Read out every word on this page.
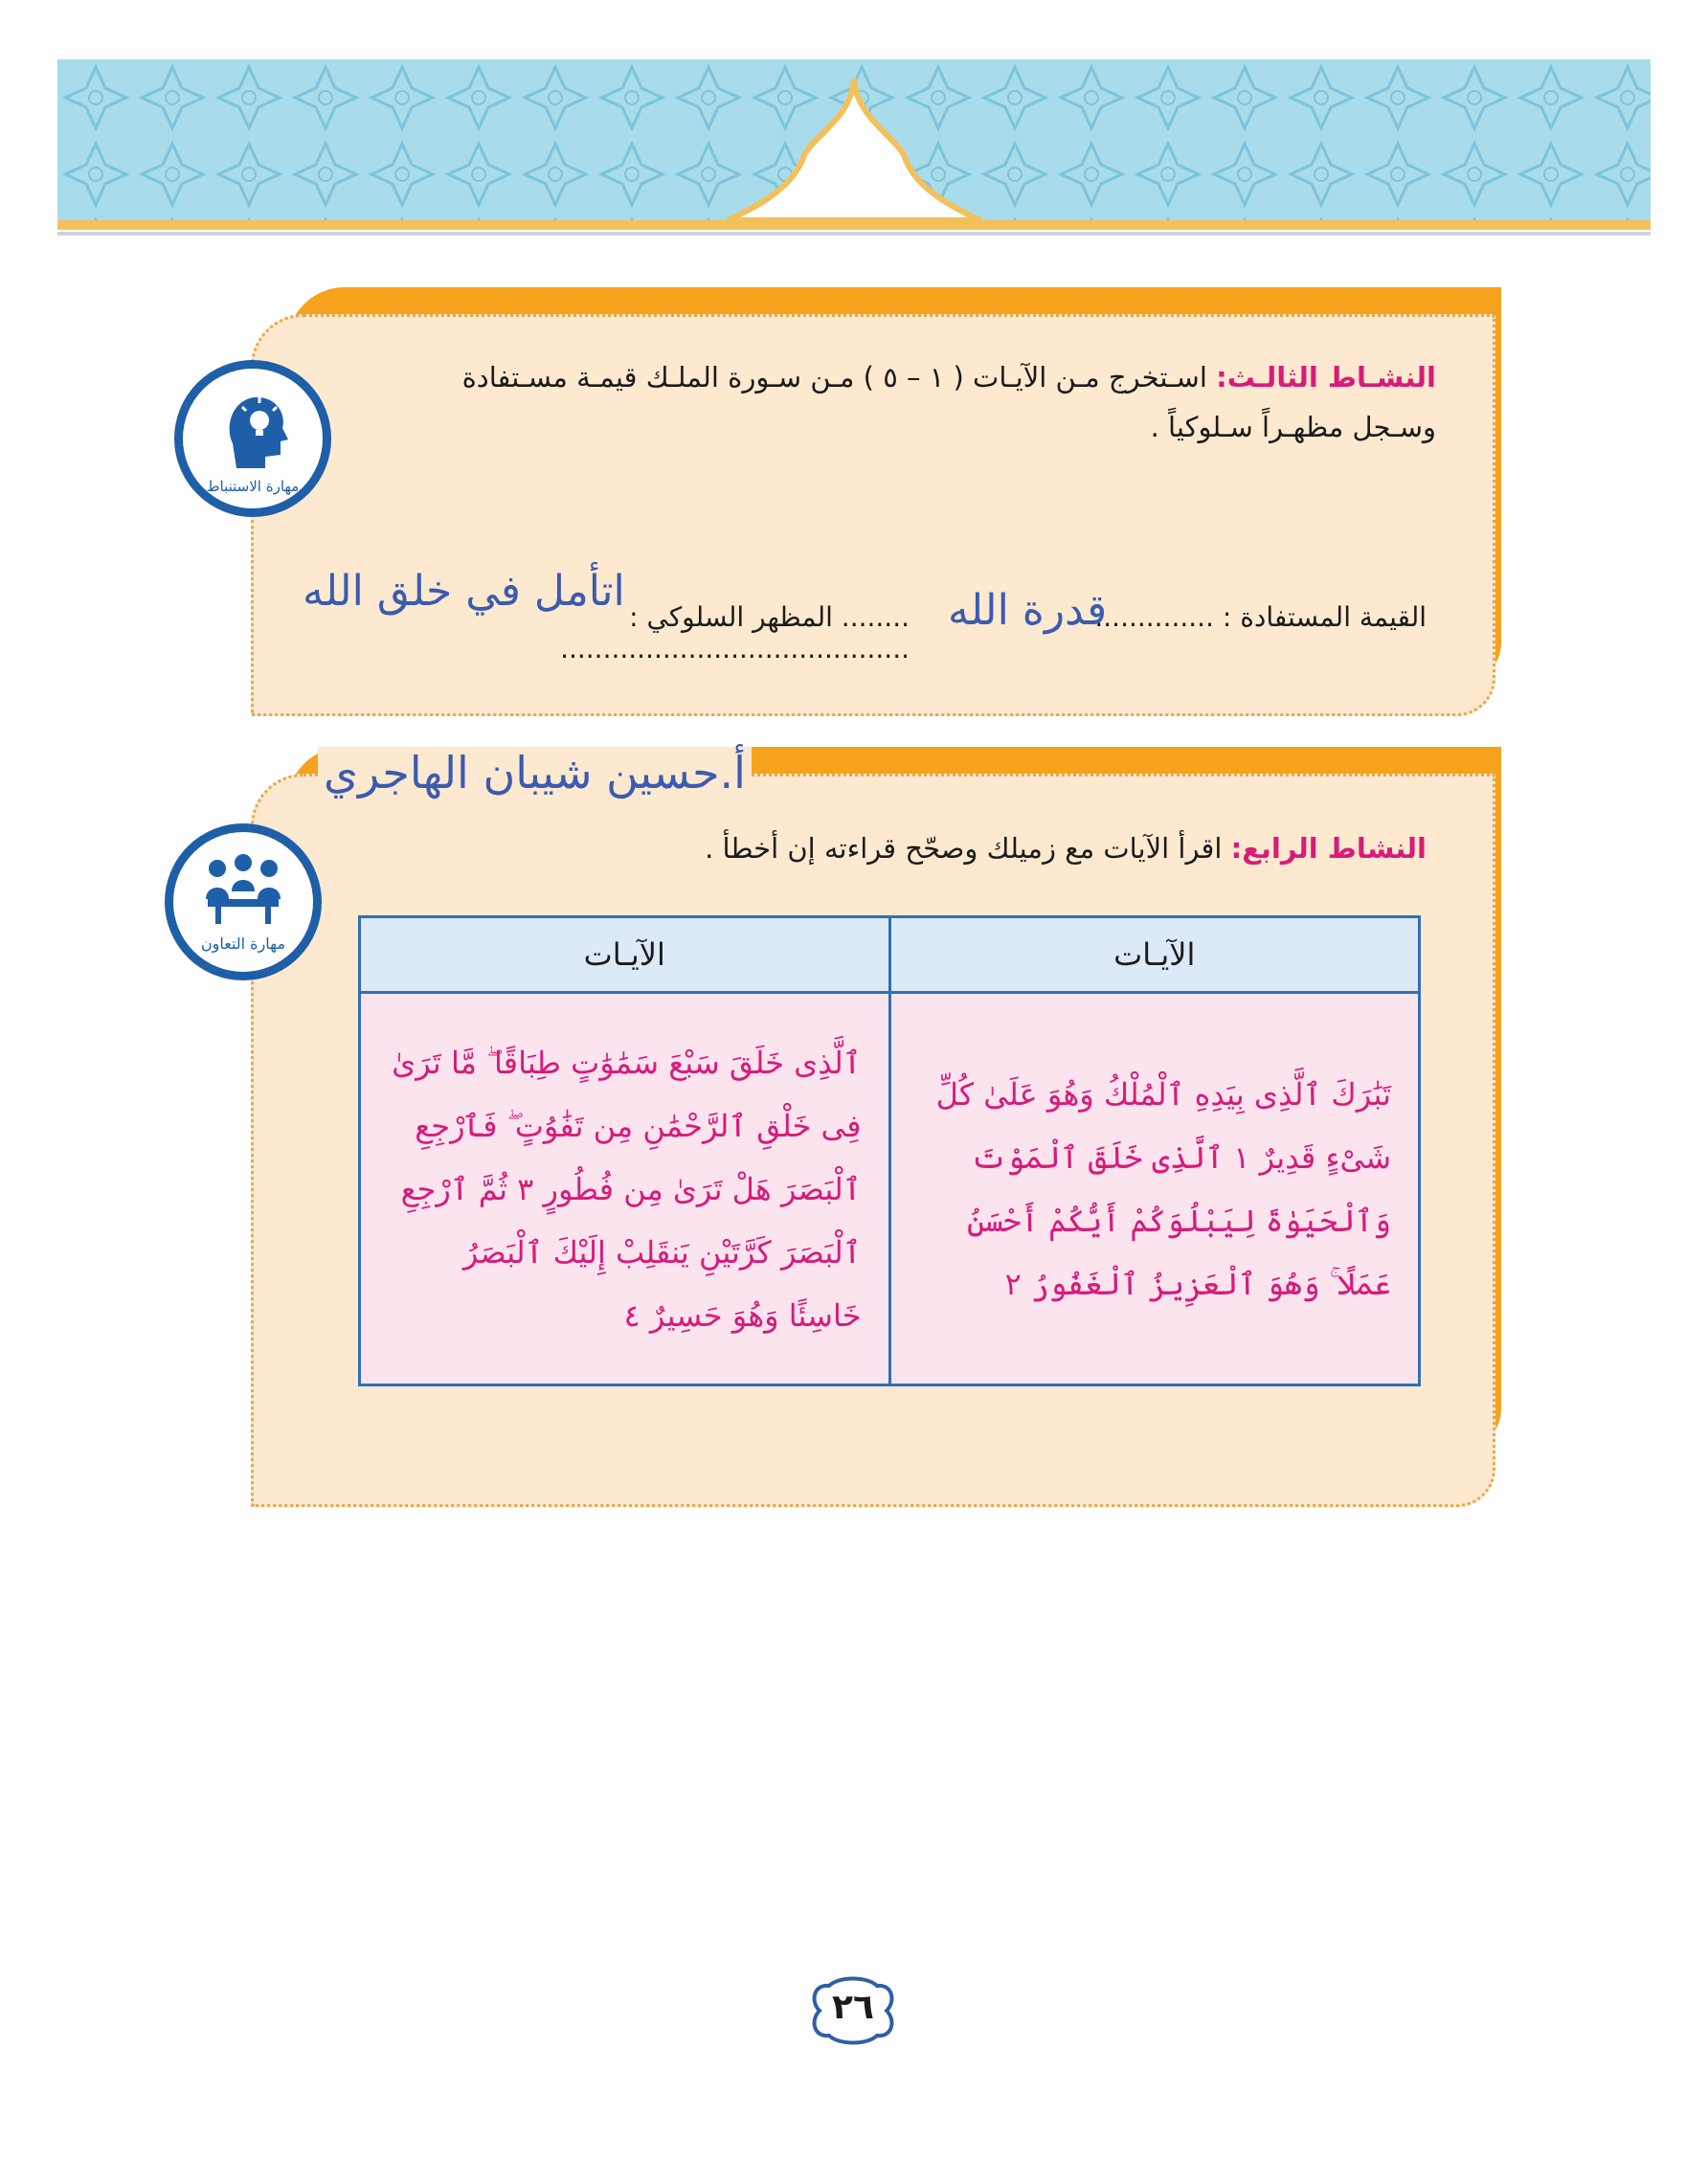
مهارة الاستنباط
النشـاط الثالـث: اسـتخرج مـن الآيـات ( ١ – ٥ ) مـن سـورة الملـك قيمـة مسـتفادة وسـجل مظهـراً سـلوكياً .
القيمة المستفادة : ..............
قدرة الله
........ المظهر السلوكي : .........................................
اتأمل في خلق الله
أ.حسين شيبان الهاجري
مهارة التعاون
النشاط الرابع: اقرأ الآيات مع زميلك وصحّح قراءته إن أخطأ .
الآيـات	الآيـات
ٱلَّذِى خَلَقَ سَبْعَ سَمَٰوَٰتٍ طِبَاقًا ۖ مَّا تَرَىٰ فِى خَلْقِ ٱلرَّحْمَٰنِ مِن تَفَٰوُتٍ ۖ فَٱرْجِعِ ٱلْبَصَرَ هَلْ تَرَىٰ مِن فُطُورٍ ٣ ثُمَّ ٱرْجِعِ ٱلْبَصَرَ كَرَّتَيْنِ يَنقَلِبْ إِلَيْكَ ٱلْبَصَرُ خَاسِئًا وَهُوَ حَسِيرٌ ٤	تَبَٰرَكَ ٱلَّذِى بِيَدِهِ ٱلْمُلْكُ وَهُوَ عَلَىٰ كُلِّ شَىْءٍ قَدِيرٌ ١ ٱلَّذِى خَلَقَ ٱلْمَوْتَ وَٱلْحَيَوٰةَ لِيَبْلُوَكُمْ أَيُّكُمْ أَحْسَنُ عَمَلًا ۚ وَهُوَ ٱلْعَزِيزُ ٱلْغَفُورُ ٢
٢٦
